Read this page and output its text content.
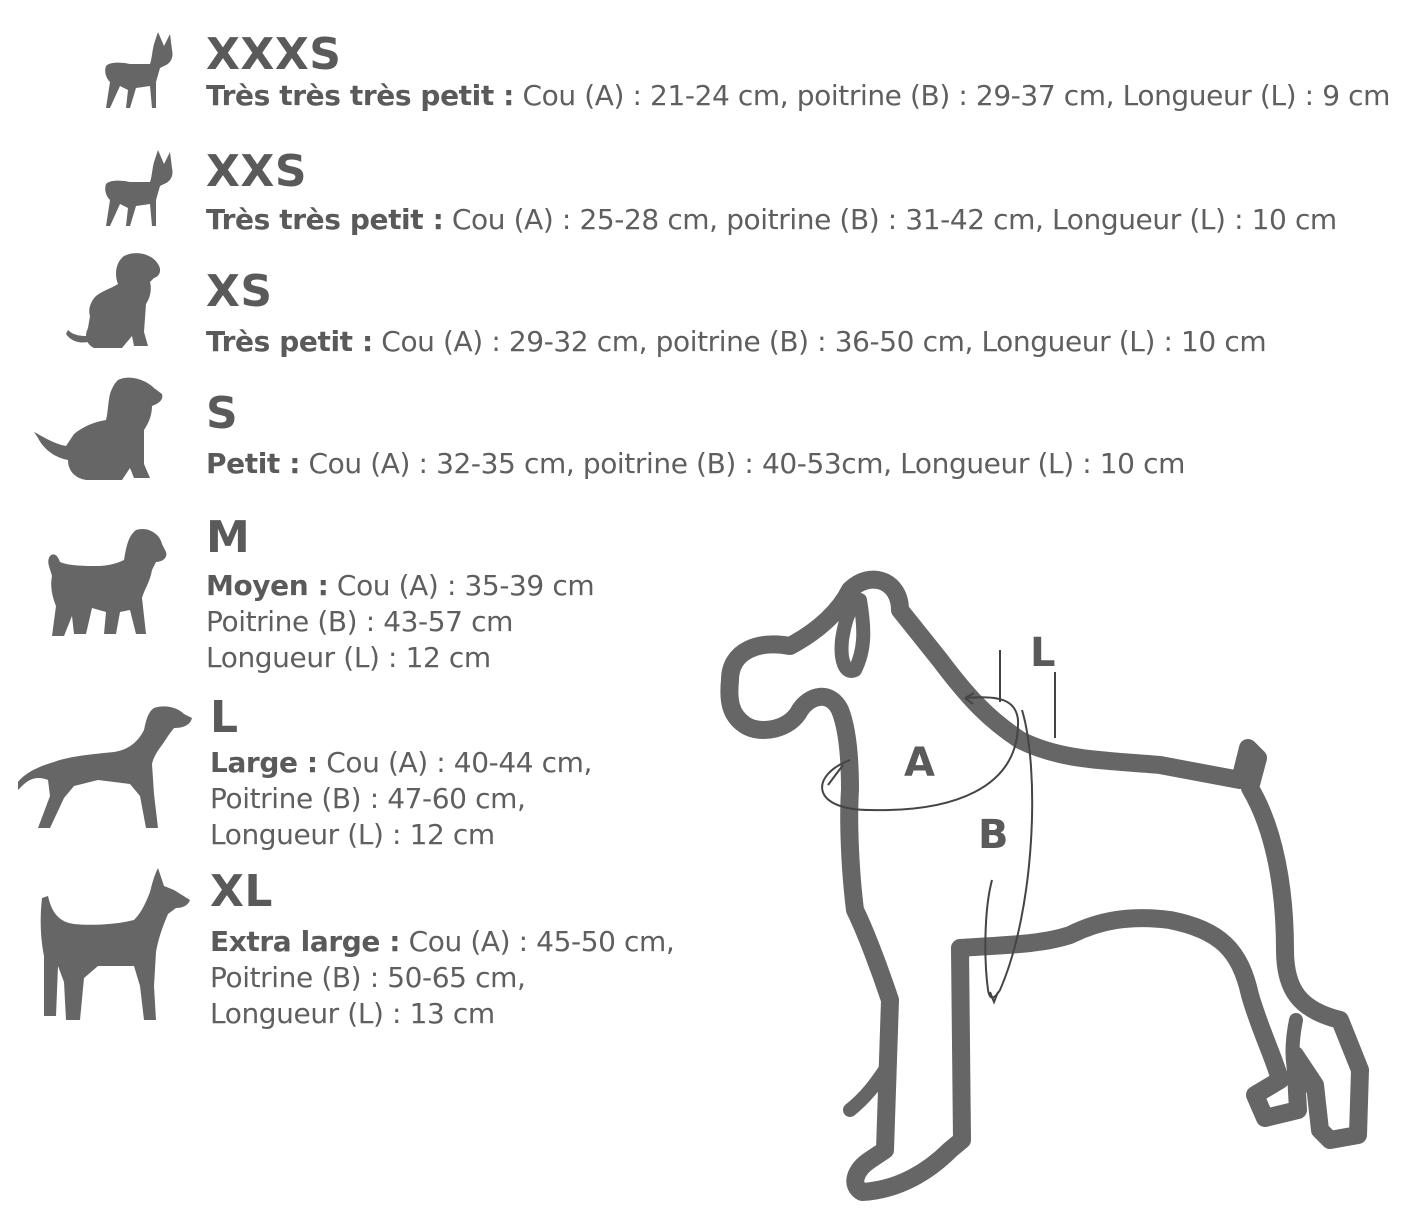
XXXS
Très très très petit : Cou (A) : 21-24 cm, poitrine (B) : 29-37 cm, Longueur (L) : 9 cm
XXS
Très très petit : Cou (A) : 25-28 cm, poitrine (B) : 31-42 cm, Longueur (L) : 10 cm
XS
Très petit : Cou (A) : 29-32 cm, poitrine (B) : 36-50 cm, Longueur (L) : 10 cm
S
Petit : Cou (A) : 32-35 cm, poitrine (B) : 40-53cm, Longueur (L) : 10 cm
M
Moyen : Cou (A) : 35-39 cm
Poitrine (B) : 43-57 cm
Longueur (L) : 12 cm
L
Large : Cou (A) : 40-44 cm,
Poitrine (B) : 47-60 cm,
Longueur (L) : 12 cm
XL
Extra large : Cou (A) : 45-50 cm,
Poitrine (B) : 50-65 cm,
Longueur (L) : 13 cm
L
A
B
